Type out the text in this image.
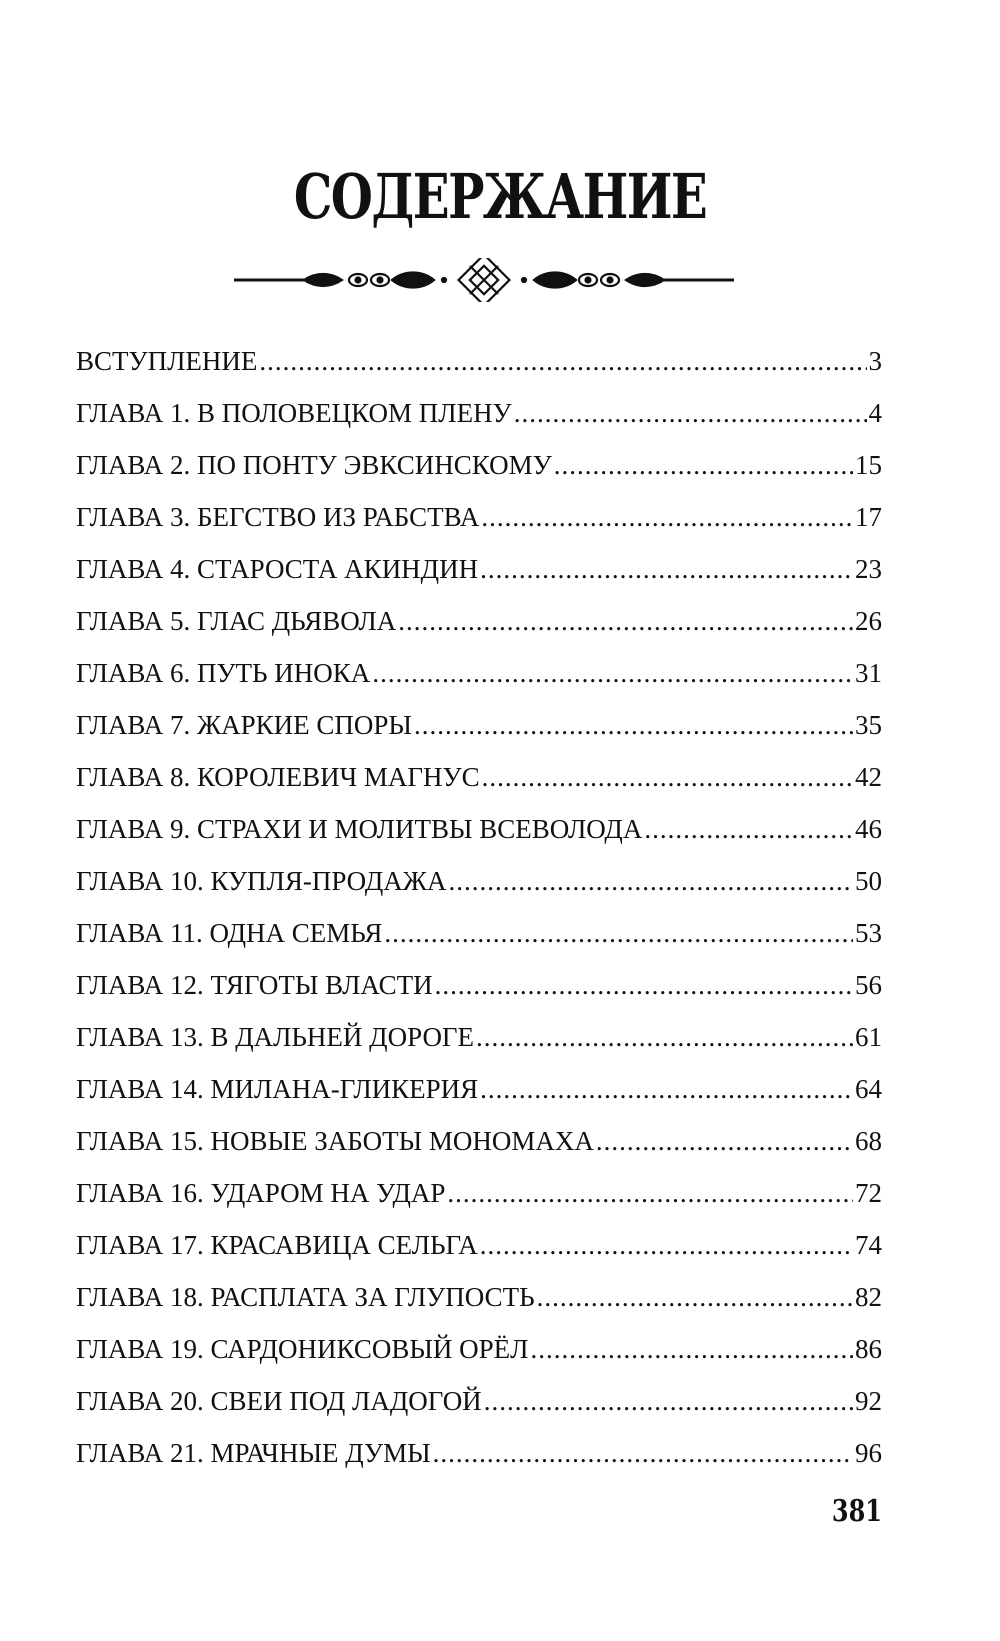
СОДЕРЖАНИЕ
ВСТУПЛЕНИЕ .....	3
ГЛАВА 1. В ПОЛОВЕЦКОМ ПЛЕНУ .....	4
ГЛАВА 2. ПО ПОНТУ ЭВКСИНСКОМУ .....	15
ГЛАВА 3. БЕГСТВО ИЗ РАБСТВА .....	17
ГЛАВА 4. СТАРОСТА АКИНДИН .....	23
ГЛАВА 5. ГЛАС ДЬЯВОЛА .....	26
ГЛАВА 6. ПУТЬ ИНОКА .....	31
ГЛАВА 7. ЖАРКИЕ СПОРЫ .....	35
ГЛАВА 8. КОРОЛЕВИЧ МАГНУС .....	42
ГЛАВА 9. СТРАХИ И МОЛИТВЫ ВСЕВОЛОДА .....	46
ГЛАВА 10. КУПЛЯ-ПРОДАЖА .....	50
ГЛАВА 11. ОДНА СЕМЬЯ .....	53
ГЛАВА 12. ТЯГОТЫ ВЛАСТИ .....	56
ГЛАВА 13. В ДАЛЬНЕЙ ДОРОГЕ .....	61
ГЛАВА 14. МИЛАНА-ГЛИКЕРИЯ .....	64
ГЛАВА 15. НОВЫЕ ЗАБОТЫ МОНОМАХА .....	68
ГЛАВА 16. УДАРОМ НА УДАР .....	72
ГЛАВА 17. КРАСАВИЦА СЕЛЬГА .....	74
ГЛАВА 18. РАСПЛАТА ЗА ГЛУПОСТЬ .....	82
ГЛАВА 19. САРДОНИКСОВЫЙ ОРЁЛ .....	86
ГЛАВА 20. СВЕИ ПОД ЛАДОГОЙ .....	92
ГЛАВА 21. МРАЧНЫЕ ДУМЫ .....	96
381
